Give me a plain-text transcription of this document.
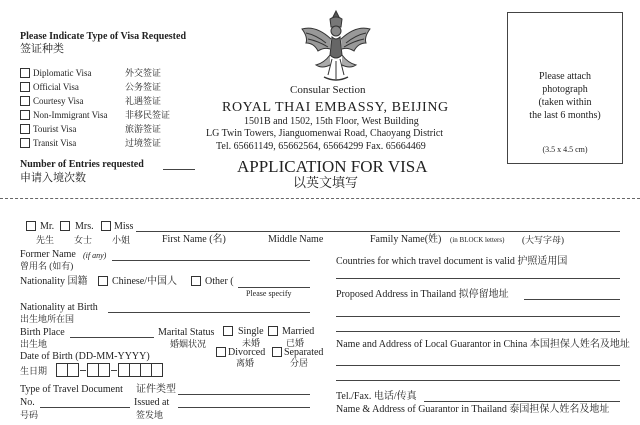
Please Indicate Type of Visa Requested
签证种类
Diplomatic Visa	外交签证
Official Visa	公务签证
Courtesy Visa	礼遇签证
Non-Immigrant Visa 非移民签证
Tourist Visa	旅游签证
Transit Visa	过境签证
Number of Entries requested
申请入境次数
Consular Section
ROYAL THAI EMBASSY, BEIJING
1501B and 1502, 15th Floor, West Building
LG Twin Towers, Jianguomenwai Road, Chaoyang District
Tel. 65661149, 65662564, 65664299 Fax. 65664469
APPLICATION FOR VISA
以英文填写
Please attach
photograph
(taken within
the last 6 months)
(3.5 x 4.5 cm)
Mr. Mrs. Miss
先生 女士 小姐	First Name (名)	Middle Name	Family Name(姓) (in BLOCK letters) (大写字母)
Former Name (if any)
曾用名 (如有)
Nationality 国籍 Chinese/中国人	Other (
Please specify
Nationality at Birth
出生地所在国
Birth Place
出生地
Marital Status
婚姻状况
Single
未婚
Married
已婚
Divorced
离婚
Separated
分居
Date of Birth (DD-MM-YYYY)
生日期
Type of Travel Document 证件类型
No.	Issued at
号码	签发地
Countries for which travel document is valid 护照适用国
Proposed Address in Thailand 拟停留地址
Name and Address of Local Guarantor in China 本国担保人姓名及地址
Tel./Fax. 电话/传真
Name & Address of Guarantor in Thailand 泰国担保人姓名及地址
